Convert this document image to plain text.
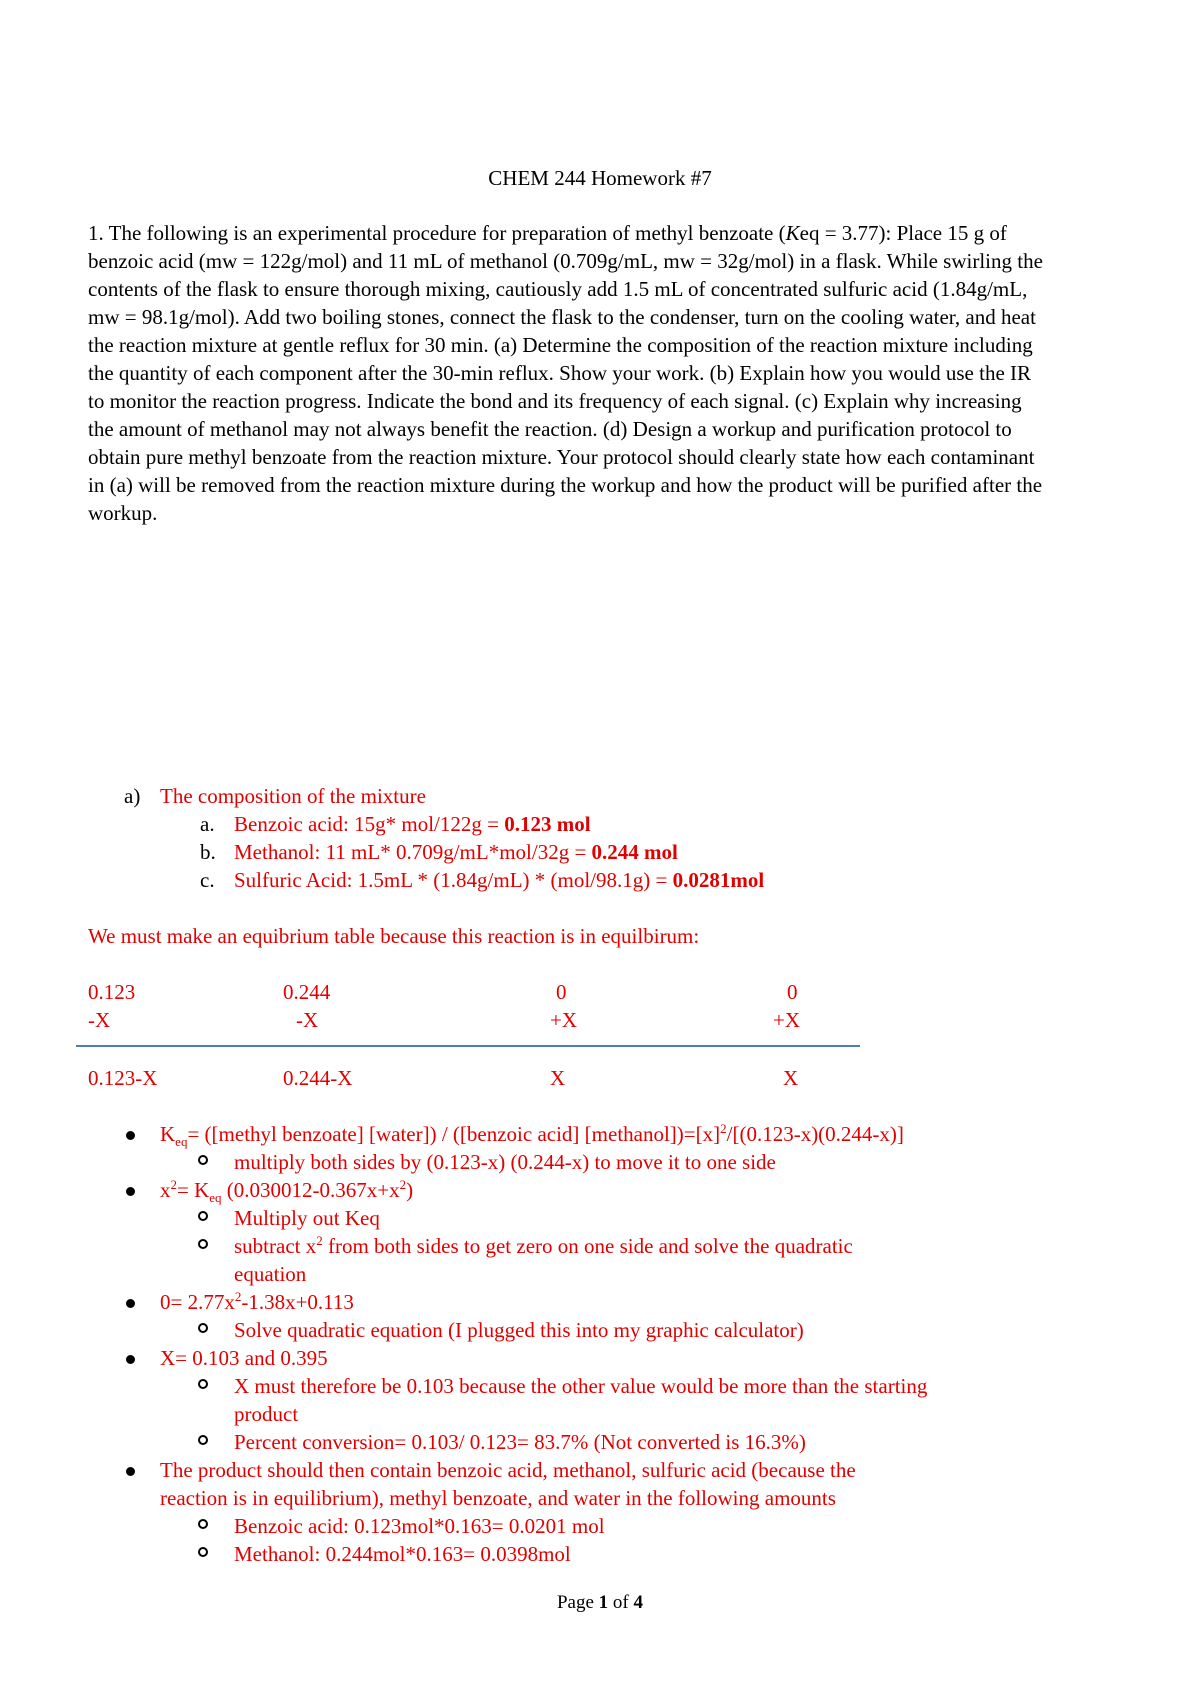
CHEM 244 Homework #7

1. The following is an experimental procedure for preparation of methyl benzoate (Keq = 3.77): Place 15 g of benzoic acid (mw = 122g/mol) and 11 mL of methanol (0.709g/mL, mw = 32g/mol) in a flask. While swirling the contents of the flask to ensure thorough mixing, cautiously add 1.5 mL of concentrated sulfuric acid (1.84g/mL, mw = 98.1g/mol). Add two boiling stones, connect the flask to the condenser, turn on the cooling water, and heat the reaction mixture at gentle reflux for 30 min. (a) Determine the composition of the reaction mixture including the quantity of each component after the 30-min reflux. Show your work. (b) Explain how you would use the IR to monitor the reaction progress. Indicate the bond and its frequency of each signal. (c) Explain why increasing the amount of methanol may not always benefit the reaction. (d) Design a workup and purification protocol to obtain pure methyl benzoate from the reaction mixture. Your protocol should clearly state how each contaminant in (a) will be removed from the reaction mixture during the workup and how the product will be purified after the workup.

a) The composition of the mixture
a. Benzoic acid: 15g* mol/122g = 0.123 mol
b. Methanol: 11 mL* 0.709g/mL*mol/32g = 0.244 mol
c. Sulfuric Acid: 1.5mL * (1.84g/mL) * (mol/98.1g) = 0.0281mol
We must make an equibrium table because this reaction is in equilbirum:
0.123	0.244	0	0
-X	-X	+X	+X
0.123-X	0.244-X	X	X
$K_{eq}=$ ([methyl benzoate] [water]) / ([benzoic acid] $[methanol])=[x]^2/[(0.123-x)(0.244-x)]$
multiply both sides by (0.123-x) (0.244-x) to move it to one side
$x^2= K_{eq}$ $(0.030012-0.367x+x^2)$
Multiply out Keq
subtract $x^2$ from both sides to get zero on one side and solve the quadratic
equation
$0= 2.77x^2-1.38x+0.113$
Solve quadratic equation (I plugged this into my graphic calculator)
X= 0.103 and 0.395
X must therefore be 0.103 because the other value would be more than the starting
product
Percent conversion= 0.103/ 0.123= 83.7% (Not converted is 16.3%)
The product should then contain benzoic acid, methanol, sulfuric acid (because the
reaction is in equilibrium), methyl benzoate, and water in the following amounts
Benzoic acid: 0.123mol*0.163= 0.0201 mol
Methanol: 0.244mol*0.163= 0.0398mol
Page 1 of 4
